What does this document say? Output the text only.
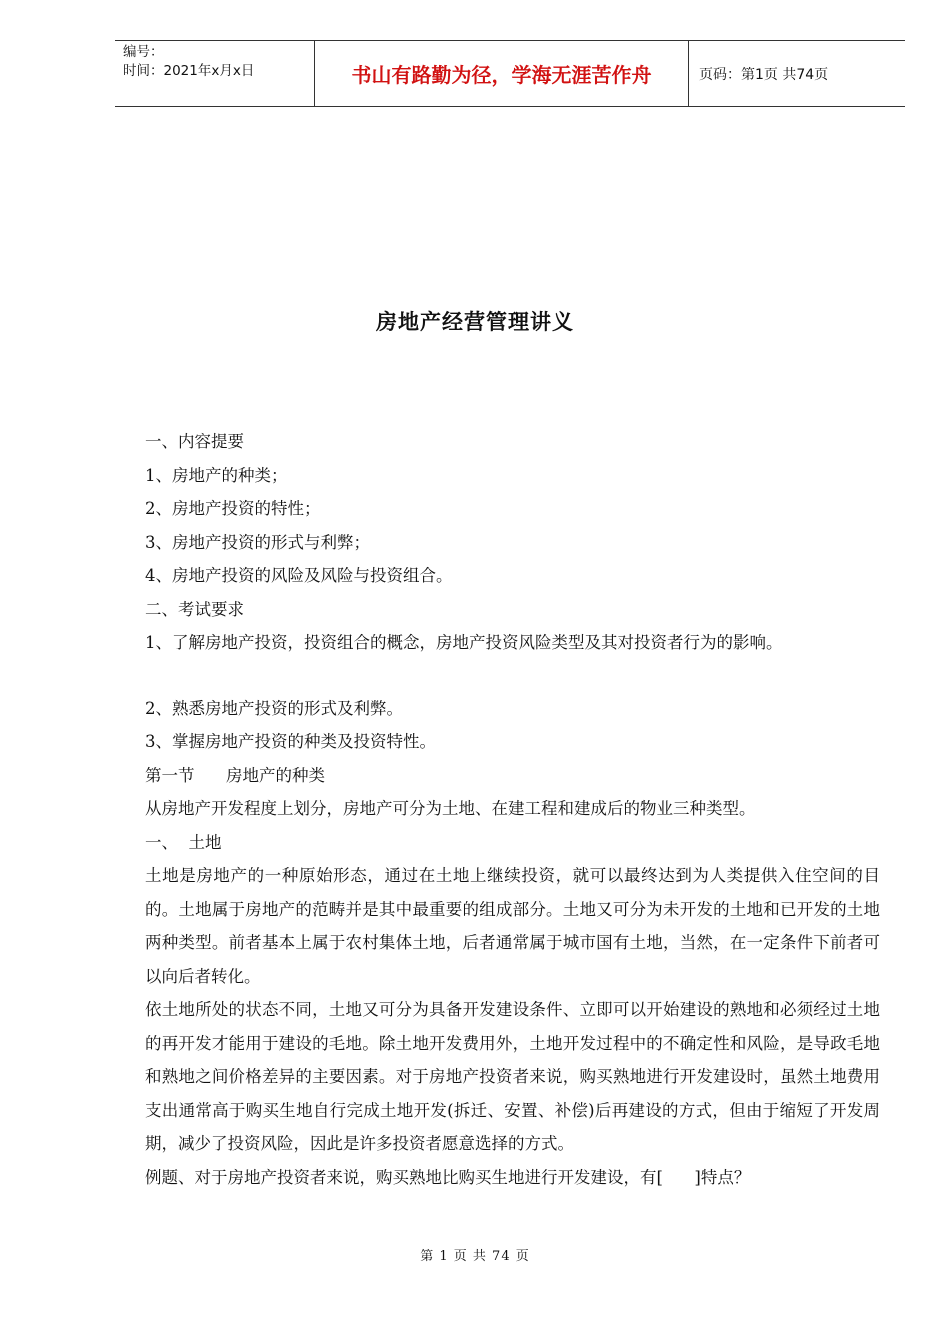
编号：
时间：2021年x月x日	书山有路勤为径，学海无涯苦作舟	页码：第1页 共74页
房地产经营管理讲义
一、内容提要
1、房地产的种类；
2、房地产投资的特性；
3、房地产投资的形式与利弊；
4、房地产投资的风险及风险与投资组合。
二、考试要求
1、了解房地产投资，投资组合的概念，房地产投资风险类型及其对投资者行为的影响。
2、熟悉房地产投资的形式及利弊。
3、掌握房地产投资的种类及投资特性。
第一节      房地产的种类
从房地产开发程度上划分，房地产可分为土地、在建工程和建成后的物业三种类型。
一、  土地
土地是房地产的一种原始形态，通过在土地上继续投资，就可以最终达到为人类提供入住空间的目的。土地属于房地产的范畴并是其中最重要的组成部分。土地又可分为未开发的土地和已开发的土地两种类型。前者基本上属于农村集体土地，后者通常属于城市国有土地，当然，在一定条件下前者可以向后者转化。
依土地所处的状态不同，土地又可分为具备开发建设条件、立即可以开始建设的熟地和必须经过土地的再开发才能用于建设的毛地。除土地开发费用外，土地开发过程中的不确定性和风险，是导政毛地和熟地之间价格差异的主要因素。对于房地产投资者来说，购买熟地进行开发建设时，虽然土地费用支出通常高于购买生地自行完成土地开发(拆迁、安置、补偿)后再建设的方式，但由于缩短了开发周期，减少了投资风险，因此是许多投资者愿意选择的方式。
例题、对于房地产投资者来说，购买熟地比购买生地进行开发建设，有[      ]特点？
第 1 页 共 74 页
